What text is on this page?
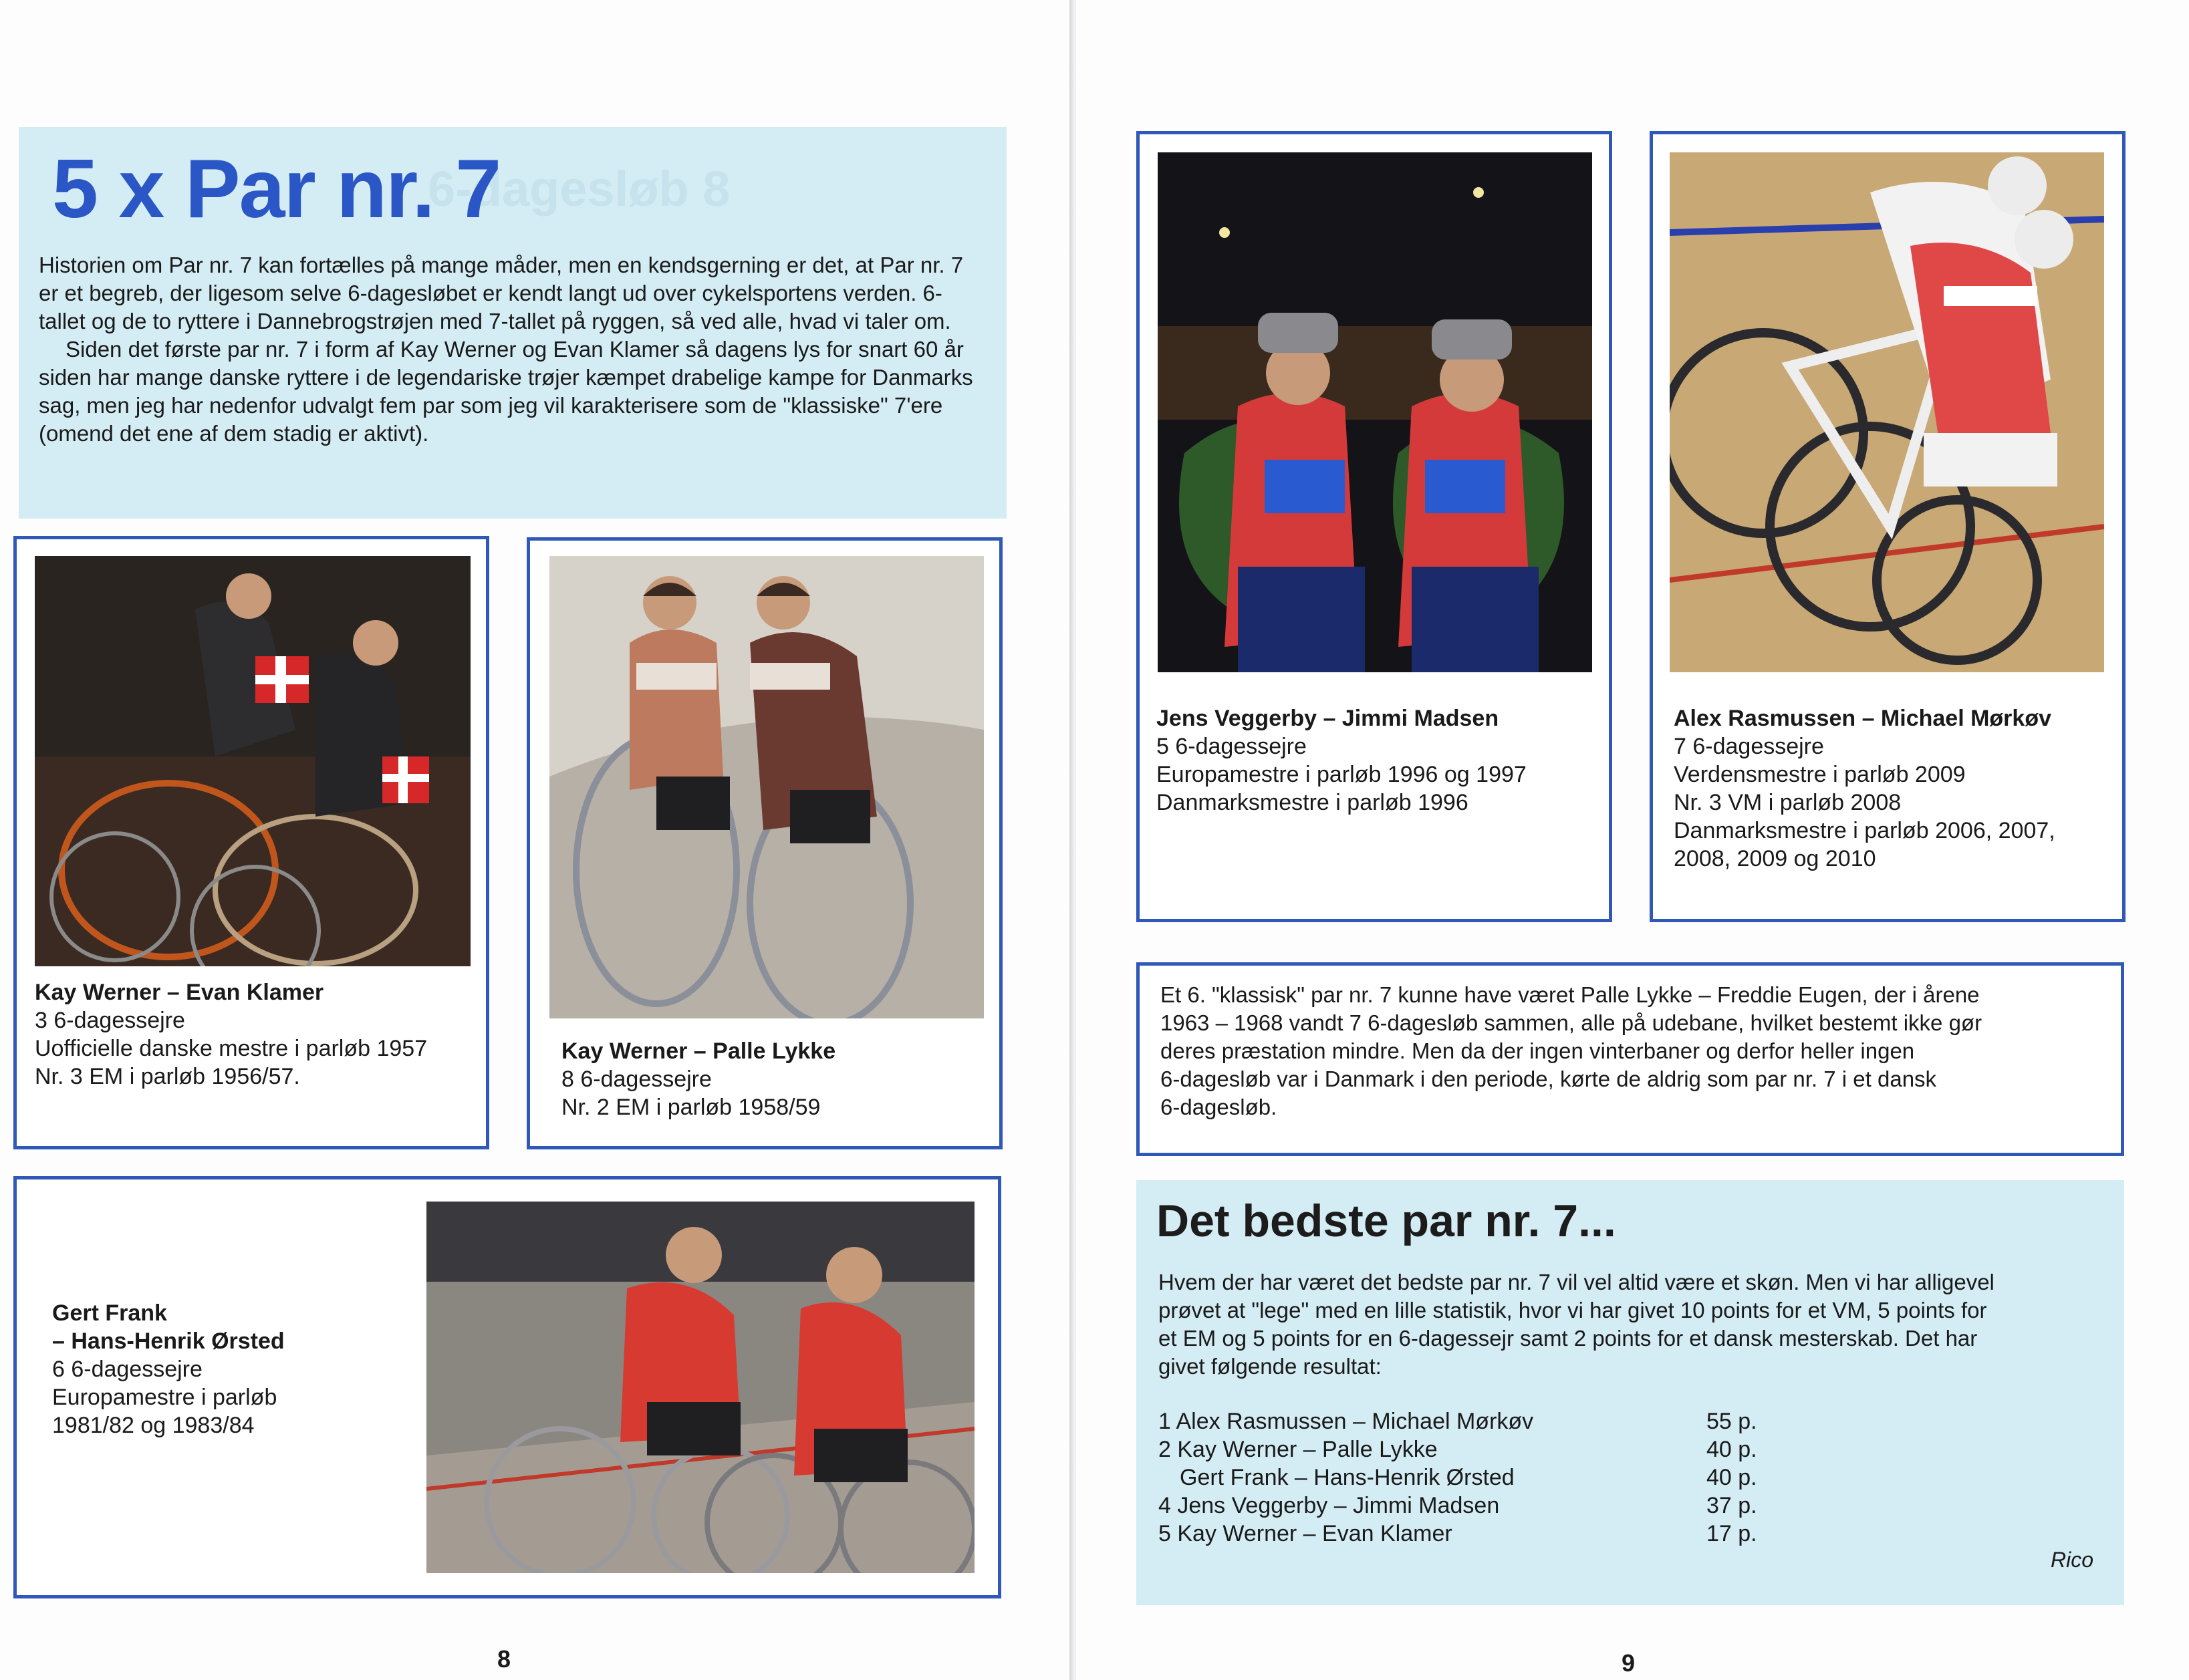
6-dagesløb 8
5 x Par nr. 7

Historien om Par nr. 7 kan fortælles på mange måder, men en kendsgerning er det, at Par nr. 7 er et begreb, der ligesom selve 6-dagesløbet er kendt langt ud over cykelsportens verden. 6-tallet og de to ryttere i Dannebrogstrøjen med 7-tallet på ryggen, så ved alle, hvad vi taler om.

Siden det første par nr. 7 i form af Kay Werner og Evan Klamer så dagens lys for snart 60 år siden har mange danske ryttere i de legendariske trøjer kæmpet drabelige kampe for Danmarks sag, men jeg har nedenfor udvalgt fem par som jeg vil karakterisere som de "klassiske" 7'ere (omend det ene af dem stadig er aktivt).

Kay Werner – Evan Klamer
3 6-dagessejre
Uofficielle danske mestre i parløb 1957
Nr. 3 EM i parløb 1956/57.
Kay Werner – Palle Lykke
8 6-dagessejre
Nr. 2 EM i parløb 1958/59
Gert Frank
– Hans-Henrik Ørsted
6 6-dagessejre
Europamestre i parløb
1981/82 og 1983/84
8
Jens Veggerby – Jimmi Madsen
5 6-dagessejre
Europamestre i parløb 1996 og 1997
Danmarksmestre i parløb 1996
Alex Rasmussen – Michael Mørkøv
7 6-dagessejre
Verdensmestre i parløb 2009
Nr. 3 VM i parløb 2008
Danmarksmestre i parløb 2006, 2007,
2008, 2009 og 2010

Et 6. "klassisk" par nr. 7 kunne have været Palle Lykke – Freddie Eugen, der i årene

1963 – 1968 vandt 7 6-dagesløb sammen, alle på udebane, hvilket bestemt ikke gør

deres præstation mindre. Men da der ingen vinterbaner og derfor heller ingen

6-dagesløb var i Danmark i den periode, kørte de aldrig som par nr. 7 i et dansk

6-dagesløb.

Det bedste par nr. 7...

Hvem der har været det bedste par nr. 7 vil vel altid være et skøn. Men vi har alligevel

prøvet at "lege" med en lille statistik, hvor vi har givet 10 points for et VM, 5 points for

et EM og 5 points for en 6-dagessejr samt 2 points for et dansk mesterskab. Det har

givet følgende resultat:

1 Alex Rasmussen – Michael Mørkøv	55 p.
2 Kay Werner – Palle Lykke	40 p.
Gert Frank – Hans-Henrik Ørsted	40 p.
4 Jens Veggerby – Jimmi Madsen	37 p.
5 Kay Werner – Evan Klamer	17 p.
Rico
9
